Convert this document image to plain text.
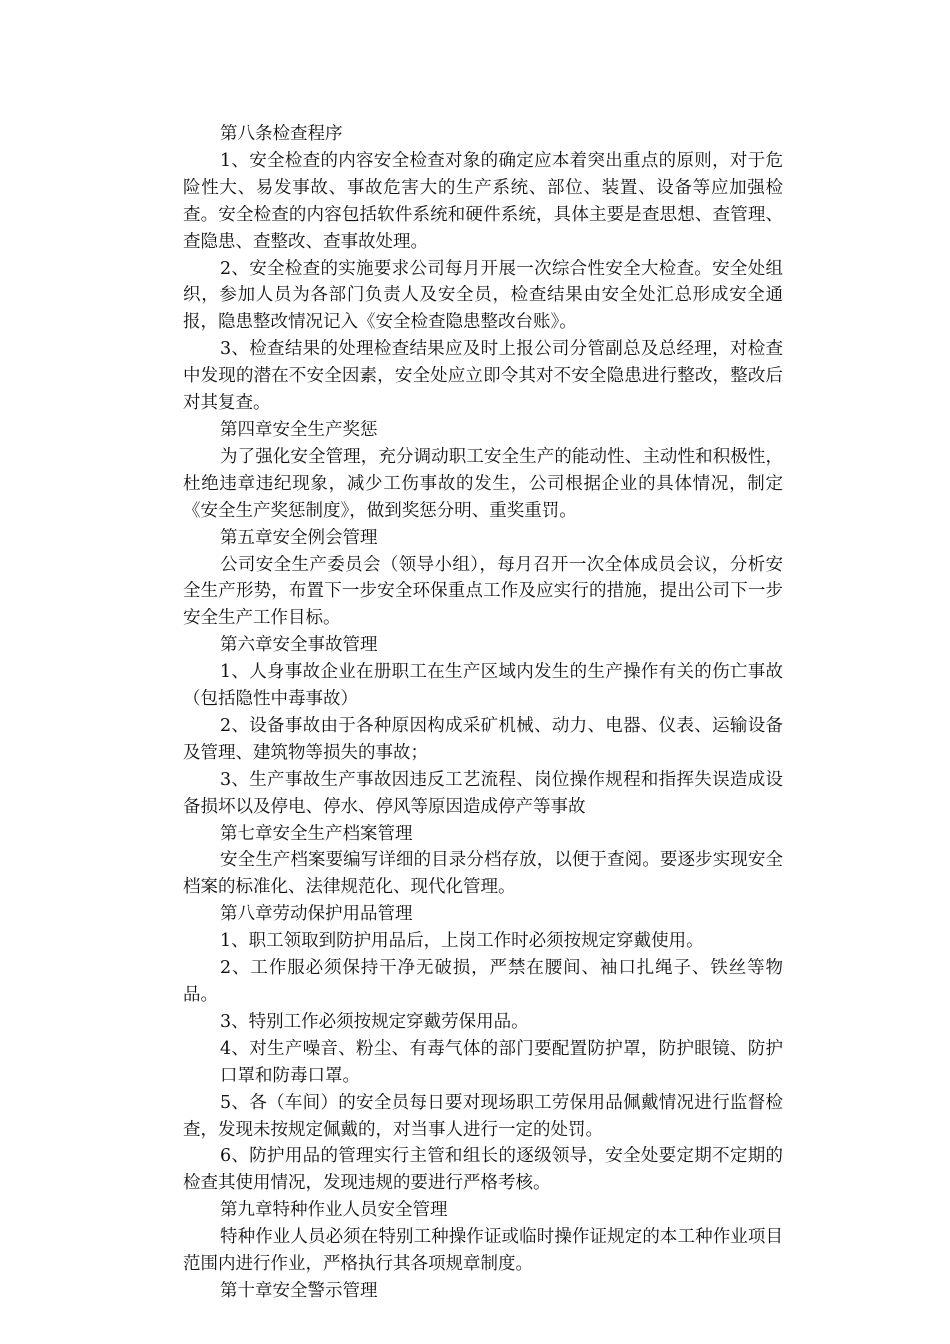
第八条检查程序

1、安全检查的内容安全检查对象的确定应本着突出重点的原则，对于危险性大、易发事故、事故危害大的生产系统、部位、装置、设备等应加强检查。安全检查的内容包括软件系统和硬件系统，具体主要是查思想、查管理、查隐患、查整改、查事故处理。

2、安全检查的实施要求公司每月开展一次综合性安全大检查。安全处组织，参加人员为各部门负责人及安全员，检查结果由安全处汇总形成安全通报，隐患整改情况记入《安全检查隐患整改台账》。

3、检查结果的处理检查结果应及时上报公司分管副总及总经理，对检查中发现的潜在不安全因素，安全处应立即令其对不安全隐患进行整改，整改后对其复查。

第四章安全生产奖惩

为了强化安全管理，充分调动职工安全生产的能动性、主动性和积极性，杜绝违章违纪现象，减少工伤事故的发生，公司根据企业的具体情况，制定《安全生产奖惩制度》，做到奖惩分明、重奖重罚。

第五章安全例会管理

公司安全生产委员会（领导小组），每月召开一次全体成员会议，分析安全生产形势，布置下一步安全环保重点工作及应实行的措施，提出公司下一步安全生产工作目标。

第六章安全事故管理

1、人身事故企业在册职工在生产区域内发生的生产操作有关的伤亡事故（包括隐性中毒事故）

2、设备事故由于各种原因构成采矿机械、动力、电器、仪表、运输设备及管理、建筑物等损失的事故；

3、生产事故生产事故因违反工艺流程、岗位操作规程和指挥失误造成设备损坏以及停电、停水、停风等原因造成停产等事故

第七章安全生产档案管理

安全生产档案要编写详细的目录分档存放，以便于查阅。要逐步实现安全档案的标准化、法律规范化、现代化管理。

第八章劳动保护用品管理

1、职工领取到防护用品后，上岗工作时必须按规定穿戴使用。

2、工作服必须保持干净无破损，严禁在腰间、袖口扎绳子、铁丝等物品。

3、特别工作必须按规定穿戴劳保用品。

4、对生产噪音、粉尘、有毒气体的部门要配置防护罩，防护眼镜、防护口罩和防毒口罩。

5、各（车间）的安全员每日要对现场职工劳保用品佩戴情况进行监督检查，发现未按规定佩戴的，对当事人进行一定的处罚。

6、防护用品的管理实行主管和组长的逐级领导，安全处要定期不定期的检查其使用情况，发现违规的要进行严格考核。

第九章特种作业人员安全管理

特种作业人员必须在特别工种操作证或临时操作证规定的本工种作业项目范围内进行作业，严格执行其各项规章制度。

第十章安全警示管理
